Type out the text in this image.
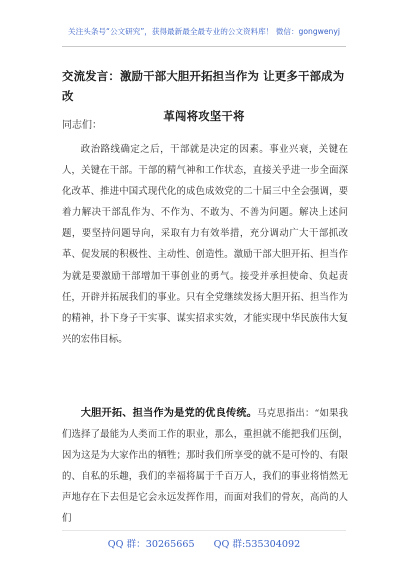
关注头条号“公文研究”，获得最新最全最专业的公文资料库！ 微信：gongwenyj
交流发言：激励干部大胆开拓担当作为 让更多干部成为改
革闯将攻坚干将
同志们：
政治路线确定之后，干部就是决定的因素。事业兴衰，关键在人，关键在干部。干部的精气神和工作状态，直接关乎进一步全面深化改革、推进中国式现代化的成色成效党的二十届三中全会强调，要着力解决干部乱作为、不作为、不敢为、不善为问题。解决上述问题，要坚持问题导向，采取有力有效举措，充分调动广大干部抓改革、促发展的积极性、主动性、创造性。激励干部大胆开拓、担当作为就是要激励干部增加干事创业的勇气。接受并承担使命、负起责任，开辟并拓展我们的事业。只有全党继续发扬大胆开拓、担当作为的精神，扑下身子干实事、谋实招求实效，才能实现中华民族伟大复兴的宏伟目标。
大胆开拓、担当作为是党的优良传统。马克思指出：“如果我们选择了最能为人类而工作的职业，那么，重担就不能把我们压倒，因为这是为大家作出的牺牲；那时我们所享受的就不是可怜的、有限的、自私的乐趣，我们的幸福将属于千百万人，我们的事业将悄然无声地存在下去但是它会永远发挥作用，而面对我们的骨灰，高尚的人们
QQ 群：30265665 QQ 群:535304092
